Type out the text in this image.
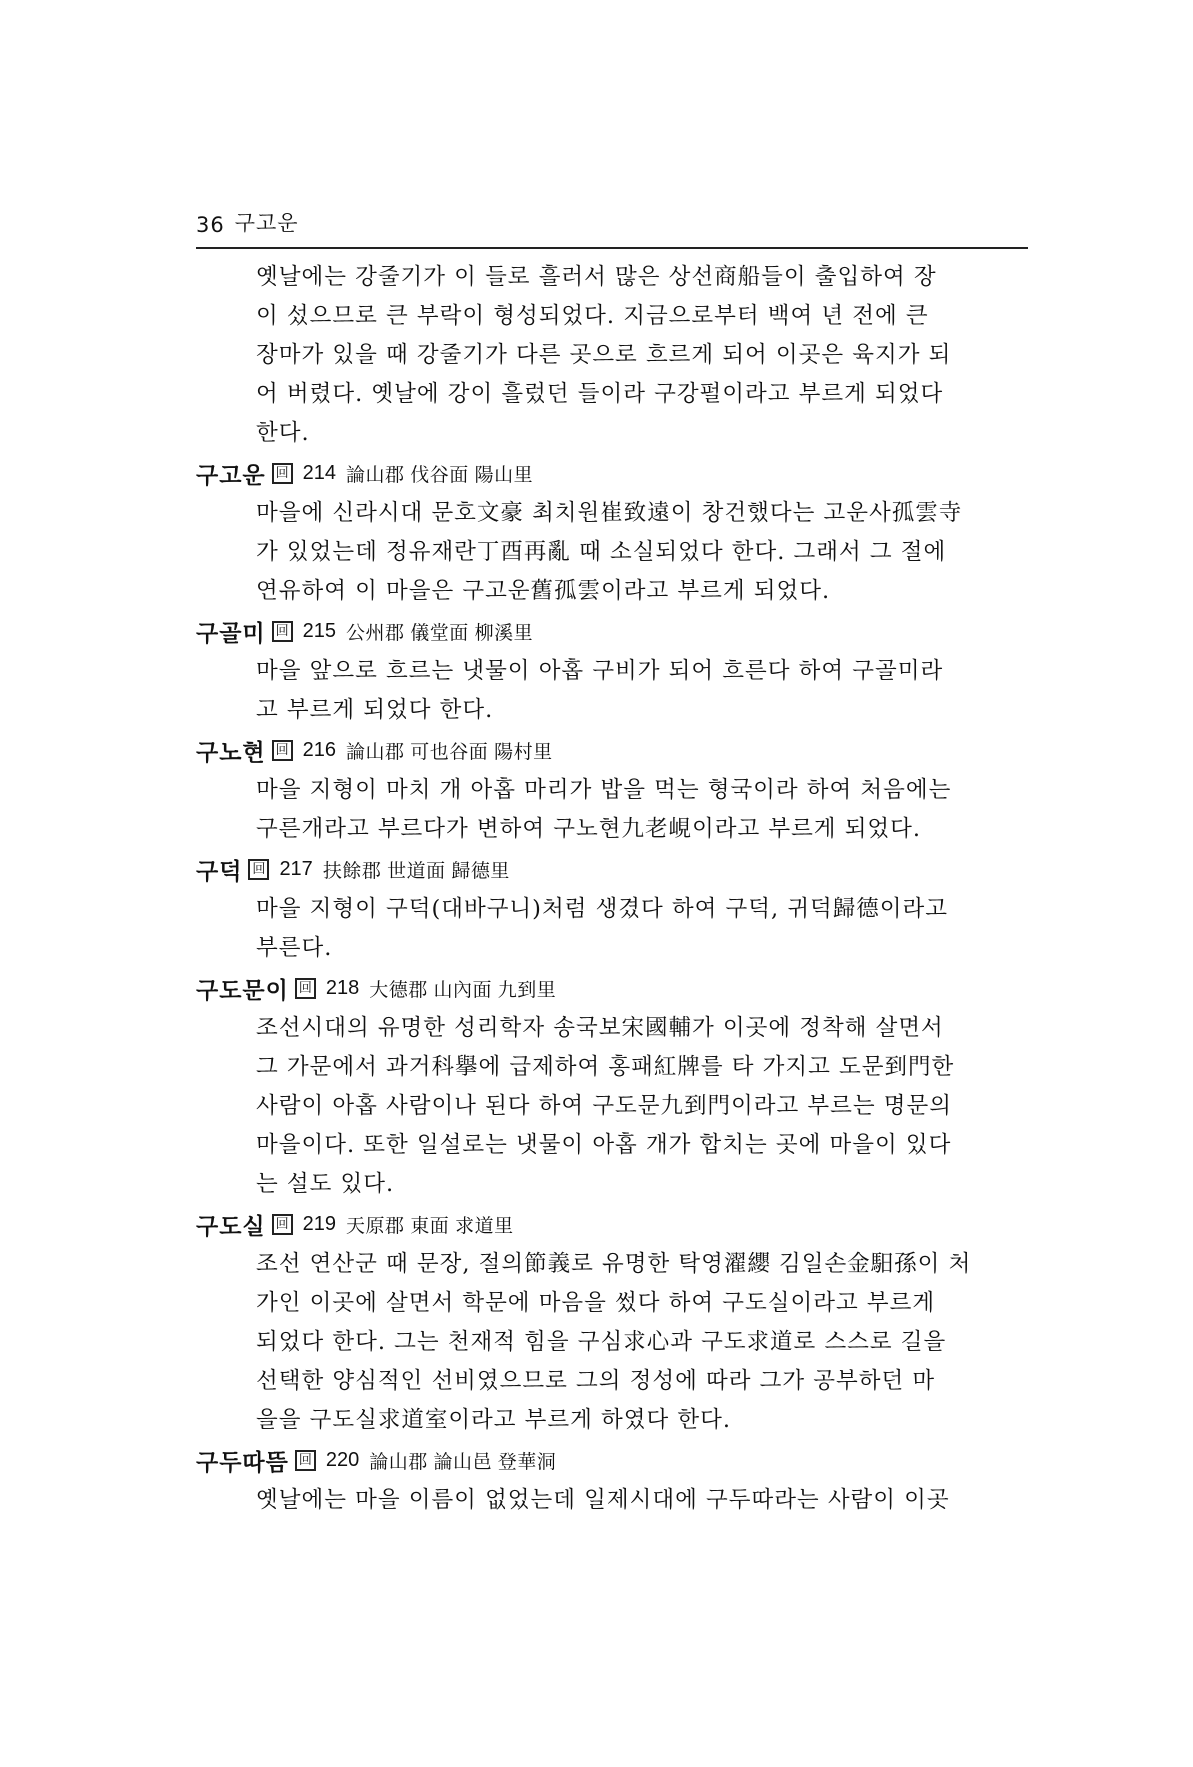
36 구고운
옛날에는 강줄기가 이 들로 흘러서 많은 상선商船들이 출입하여 장
이 섰으므로 큰 부락이 형성되었다. 지금으로부터 백여 년 전에 큰
장마가 있을 때 강줄기가 다른 곳으로 흐르게 되어 이곳은 육지가 되
어 버렸다. 옛날에 강이 흘렀던 들이라 구강펄이라고 부르게 되었다
한다.
구고운 回 214 論山郡 伐谷面 陽山里
마을에 신라시대 문호文豪 최치원崔致遠이 창건했다는 고운사孤雲寺
가 있었는데 정유재란丁酉再亂 때 소실되었다 한다. 그래서 그 절에
연유하여 이 마을은 구고운舊孤雲이라고 부르게 되었다.
구골미 回 215 公州郡 儀堂面 柳溪里
마을 앞으로 흐르는 냇물이 아홉 구비가 되어 흐른다 하여 구골미라
고 부르게 되었다 한다.
구노현 回 216 論山郡 可也谷面 陽村里
마을 지형이 마치 개 아홉 마리가 밥을 먹는 형국이라 하여 처음에는
구른개라고 부르다가 변하여 구노현九老峴이라고 부르게 되었다.
구덕 回 217 扶餘郡 世道面 歸德里
마을 지형이 구덕(대바구니)처럼 생겼다 하여 구덕, 귀덕歸德이라고
부른다.
구도문이 回 218 大德郡 山內面 九到里
조선시대의 유명한 성리학자 송국보宋國輔가 이곳에 정착해 살면서
그 가문에서 과거科擧에 급제하여 홍패紅牌를 타 가지고 도문到門한
사람이 아홉 사람이나 된다 하여 구도문九到門이라고 부르는 명문의
마을이다. 또한 일설로는 냇물이 아홉 개가 합치는 곳에 마을이 있다
는 설도 있다.
구도실 回 219 天原郡 東面 求道里
조선 연산군 때 문장, 절의節義로 유명한 탁영濯纓 김일손金馹孫이 처
가인 이곳에 살면서 학문에 마음을 썼다 하여 구도실이라고 부르게
되었다 한다. 그는 천재적 힘을 구심求心과 구도求道로 스스로 길을
선택한 양심적인 선비였으므로 그의 정성에 따라 그가 공부하던 마
을을 구도실求道室이라고 부르게 하였다 한다.
구두따뜸 回 220 論山郡 論山邑 登華洞
옛날에는 마을 이름이 없었는데 일제시대에 구두따라는 사람이 이곳
